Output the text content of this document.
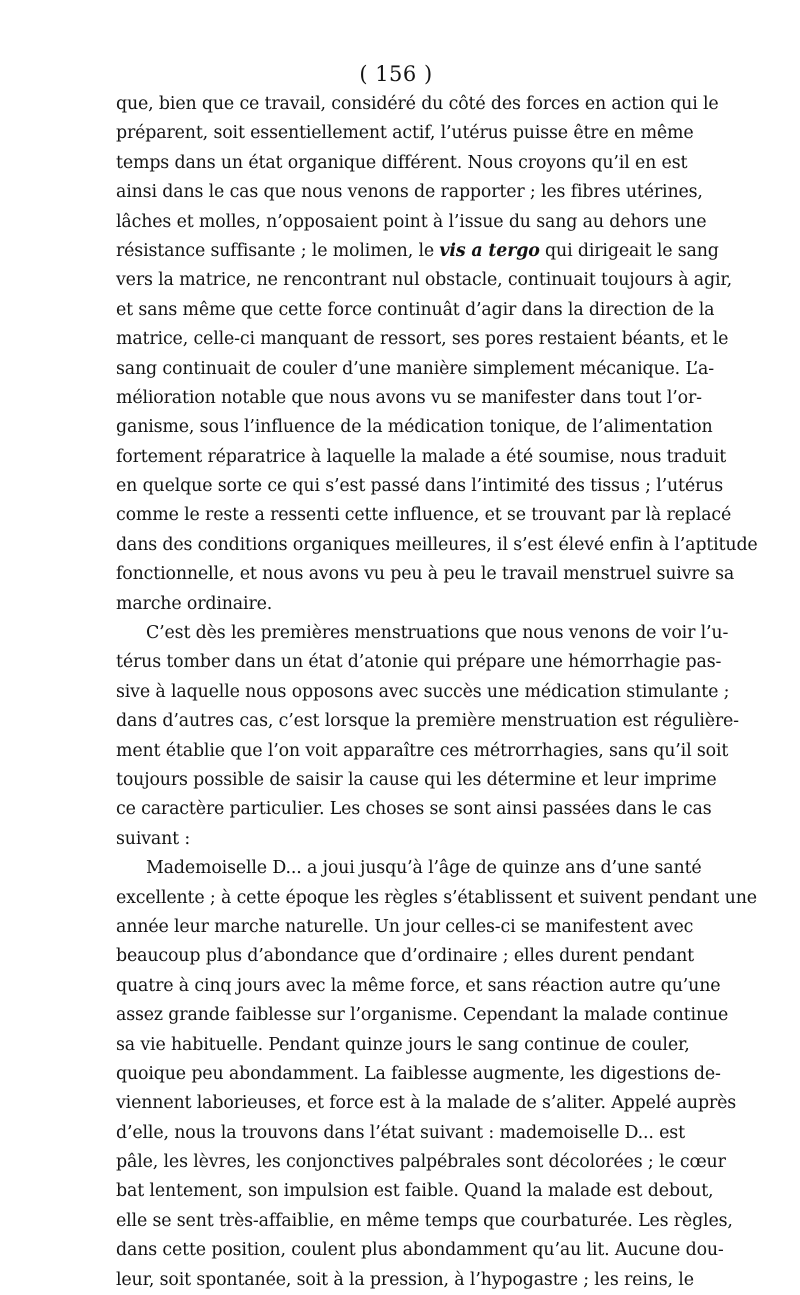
( 156 )

que, bien que ce travail, considéré du côté des forces en action qui le
préparent, soit essentiellement actif, l’utérus puisse être en même
temps dans un état organique différent. Nous croyons qu’il en est
ainsi dans le cas que nous venons de rapporter ; les fibres utérines,
lâches et molles, n’opposaient point à l’issue du sang au dehors une
résistance suffisante ; le molimen, le vis a tergo qui dirigeait le sang
vers la matrice, ne rencontrant nul obstacle, continuait toujours à agir,
et sans même que cette force continuât d’agir dans la direction de la
matrice, celle-ci manquant de ressort, ses pores restaient béants, et le
sang continuait de couler d’une manière simplement mécanique. L’a-
mélioration notable que nous avons vu se manifester dans tout l’or-
ganisme, sous l’influence de la médication tonique, de l’alimentation
fortement réparatrice à laquelle la malade a été soumise, nous traduit
en quelque sorte ce qui s’est passé dans l’intimité des tissus ; l’utérus
comme le reste a ressenti cette influence, et se trouvant par là replacé
dans des conditions organiques meilleures, il s’est élevé enfin à l’aptitude
fonctionnelle, et nous avons vu peu à peu le travail menstruel suivre sa
marche ordinaire.

C’est dès les premières menstruations que nous venons de voir l’u-
térus tomber dans un état d’atonie qui prépare une hémorrhagie pas-
sive à laquelle nous opposons avec succès une médication stimulante ;
dans d’autres cas, c’est lorsque la première menstruation est régulière-
ment établie que l’on voit apparaître ces métrorrhagies, sans qu’il soit
toujours possible de saisir la cause qui les détermine et leur imprime
ce caractère particulier. Les choses se sont ainsi passées dans le cas
suivant :

Mademoiselle D... a joui jusqu’à l’âge de quinze ans d’une santé
excellente ; à cette époque les règles s’établissent et suivent pendant une
année leur marche naturelle. Un jour celles-ci se manifestent avec
beaucoup plus d’abondance que d’ordinaire ; elles durent pendant
quatre à cinq jours avec la même force, et sans réaction autre qu’une
assez grande faiblesse sur l’organisme. Cependant la malade continue
sa vie habituelle. Pendant quinze jours le sang continue de couler,
quoique peu abondamment. La faiblesse augmente, les digestions de-
viennent laborieuses, et force est à la malade de s’aliter. Appelé auprès
d’elle, nous la trouvons dans l’état suivant : mademoiselle D... est
pâle, les lèvres, les conjonctives palpébrales sont décolorées ; le cœur
bat lentement, son impulsion est faible. Quand la malade est debout,
elle se sent très-affaiblie, en même temps que courbaturée. Les règles,
dans cette position, coulent plus abondamment qu’au lit. Aucune dou-
leur, soit spontanée, soit à la pression, à l’hypogastre ; les reins, le
